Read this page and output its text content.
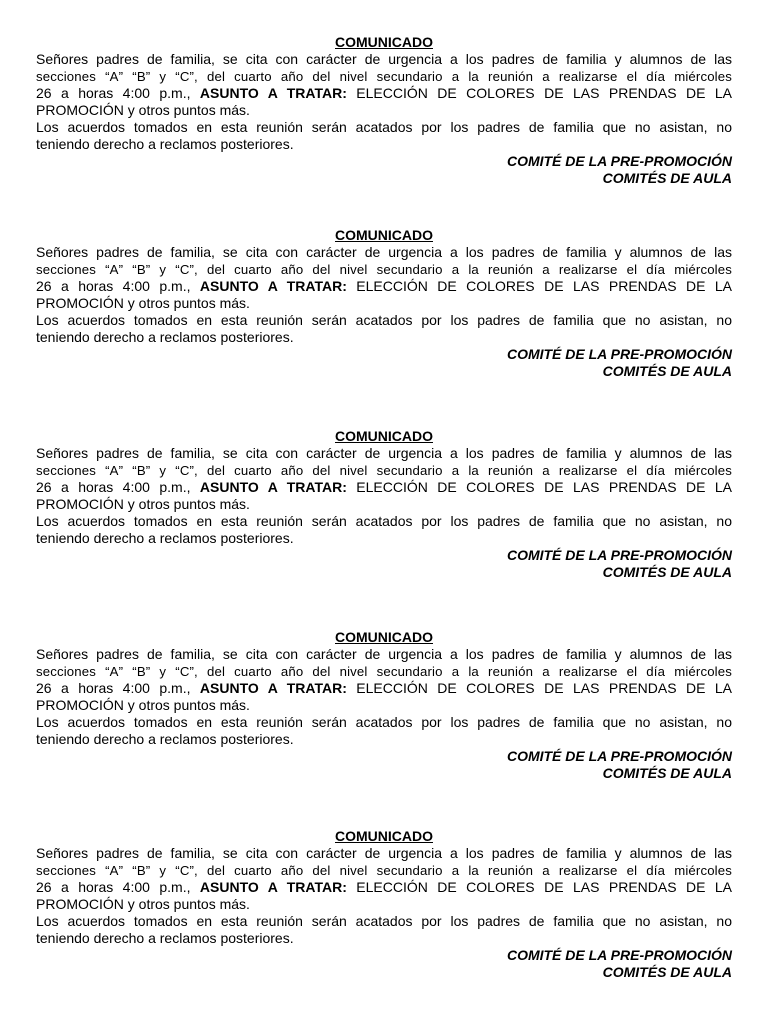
COMUNICADO
Señores padres de familia, se cita con carácter de urgencia a los padres de familia y alumnos de las
secciones “A” “B” y “C”, del cuarto año del nivel secundario a la reunión a realizarse el día miércoles
26 a horas 4:00 p.m., ASUNTO A TRATAR: ELECCIÓN DE COLORES DE LAS PRENDAS DE LA
PROMOCIÓN y otros puntos más.
Los acuerdos tomados en esta reunión serán acatados por los padres de familia que no asistan, no
teniendo derecho a reclamos posteriores.
COMITÉ DE LA PRE-PROMOCIÓN
COMITÉS DE AULA
COMUNICADO
Señores padres de familia, se cita con carácter de urgencia a los padres de familia y alumnos de las
secciones “A” “B” y “C”, del cuarto año del nivel secundario a la reunión a realizarse el día miércoles
26 a horas 4:00 p.m., ASUNTO A TRATAR: ELECCIÓN DE COLORES DE LAS PRENDAS DE LA
PROMOCIÓN y otros puntos más.
Los acuerdos tomados en esta reunión serán acatados por los padres de familia que no asistan, no
teniendo derecho a reclamos posteriores.
COMITÉ DE LA PRE-PROMOCIÓN
COMITÉS DE AULA
COMUNICADO
Señores padres de familia, se cita con carácter de urgencia a los padres de familia y alumnos de las
secciones “A” “B” y “C”, del cuarto año del nivel secundario a la reunión a realizarse el día miércoles
26 a horas 4:00 p.m., ASUNTO A TRATAR: ELECCIÓN DE COLORES DE LAS PRENDAS DE LA
PROMOCIÓN y otros puntos más.
Los acuerdos tomados en esta reunión serán acatados por los padres de familia que no asistan, no
teniendo derecho a reclamos posteriores.
COMITÉ DE LA PRE-PROMOCIÓN
COMITÉS DE AULA
COMUNICADO
Señores padres de familia, se cita con carácter de urgencia a los padres de familia y alumnos de las
secciones “A” “B” y “C”, del cuarto año del nivel secundario a la reunión a realizarse el día miércoles
26 a horas 4:00 p.m., ASUNTO A TRATAR: ELECCIÓN DE COLORES DE LAS PRENDAS DE LA
PROMOCIÓN y otros puntos más.
Los acuerdos tomados en esta reunión serán acatados por los padres de familia que no asistan, no
teniendo derecho a reclamos posteriores.
COMITÉ DE LA PRE-PROMOCIÓN
COMITÉS DE AULA
COMUNICADO
Señores padres de familia, se cita con carácter de urgencia a los padres de familia y alumnos de las
secciones “A” “B” y “C”, del cuarto año del nivel secundario a la reunión a realizarse el día miércoles
26 a horas 4:00 p.m., ASUNTO A TRATAR: ELECCIÓN DE COLORES DE LAS PRENDAS DE LA
PROMOCIÓN y otros puntos más.
Los acuerdos tomados en esta reunión serán acatados por los padres de familia que no asistan, no
teniendo derecho a reclamos posteriores.
COMITÉ DE LA PRE-PROMOCIÓN
COMITÉS DE AULA
